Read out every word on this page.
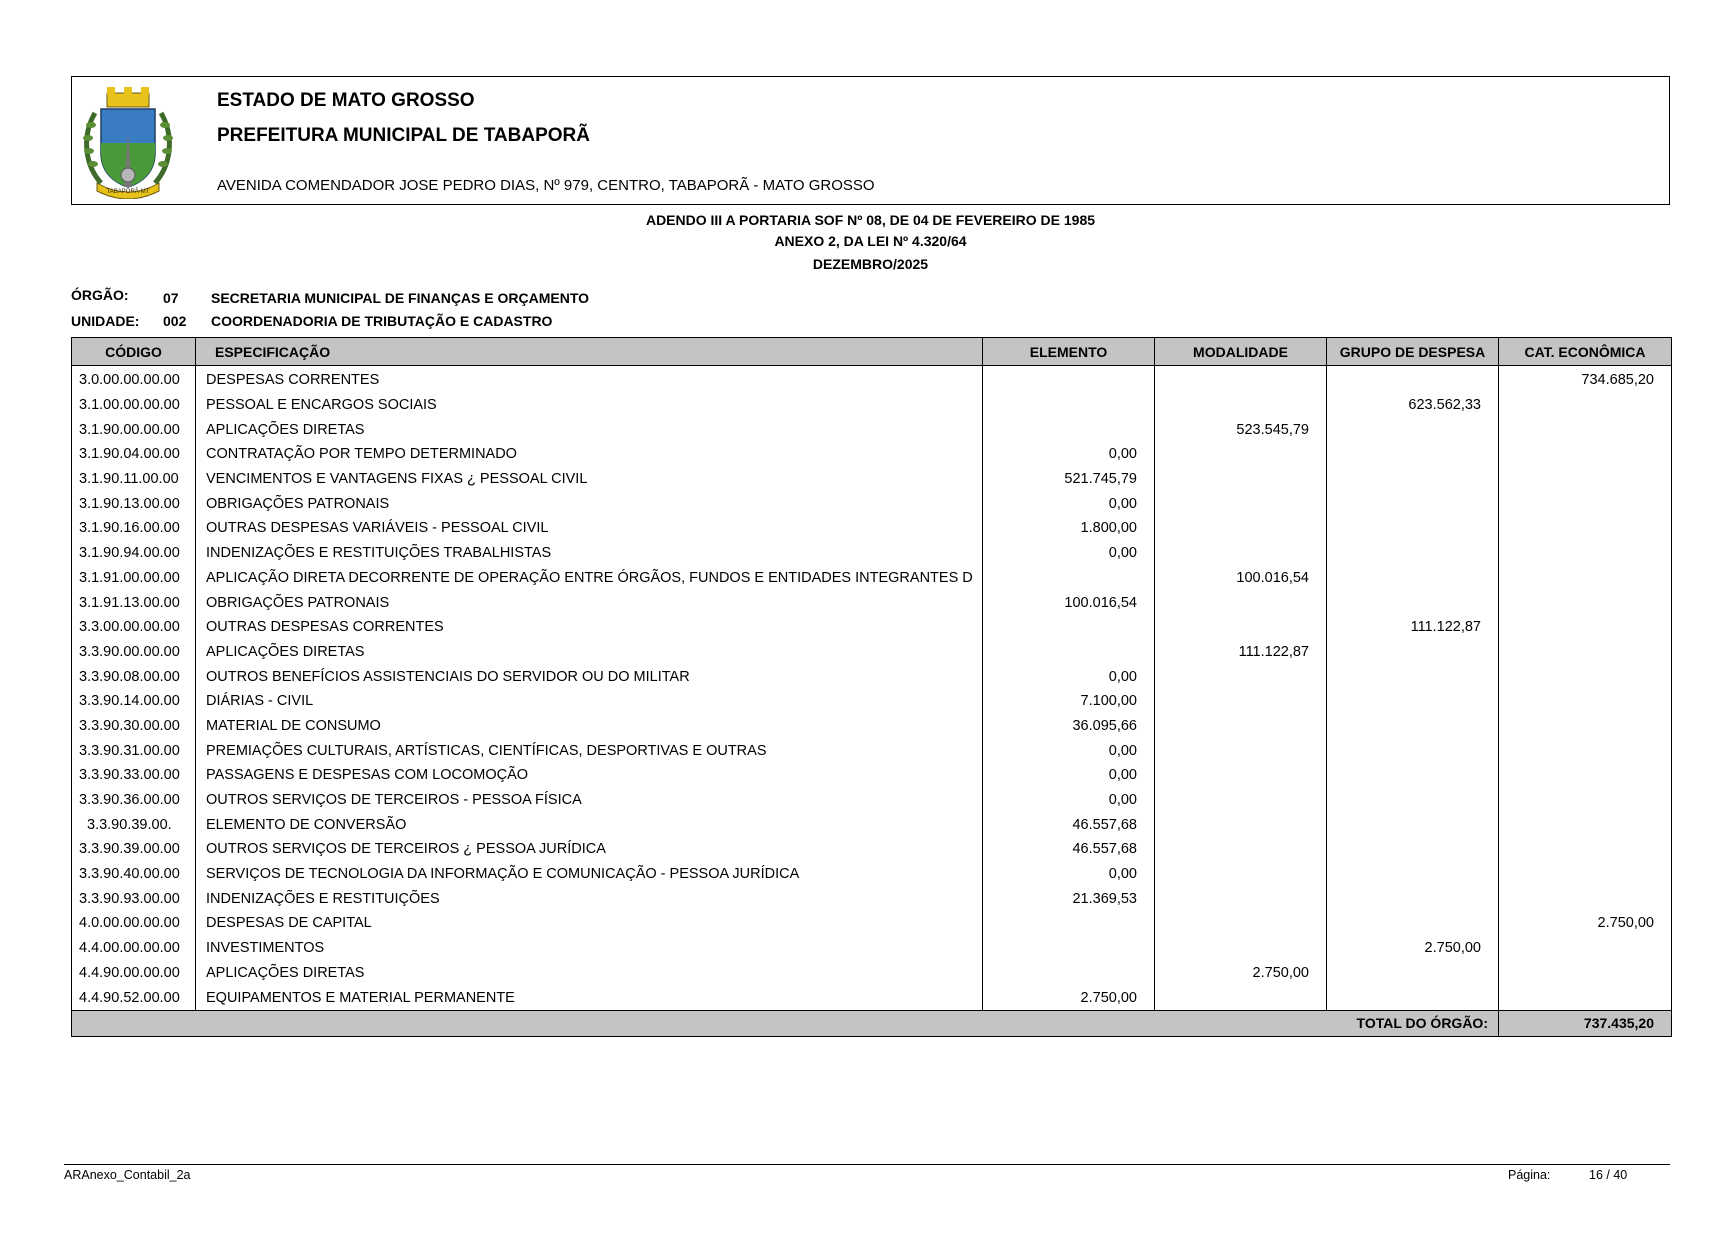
TABAPORÃ-MT
ESTADO DE MATO GROSSO
PREFEITURA MUNICIPAL DE TABAPORÃ
AVENIDA COMENDADOR JOSE PEDRO DIAS, Nº 979, CENTRO, TABAPORÃ - MATO GROSSO
ADENDO III A PORTARIA SOF Nº 08, DE 04 DE FEVEREIRO DE 1985
ANEXO 2, DA LEI Nº 4.320/64
DEZEMBRO/2025
ÓRGÃO: 07 SECRETARIA MUNICIPAL DE FINANÇAS E ORÇAMENTO
UNIDADE: 002 COORDENADORIA DE TRIBUTAÇÃO E CADASTRO
CÓDIGO	ESPECIFICAÇÃO	ELEMENTO	MODALIDADE	GRUPO DE DESPESA	CAT. ECONÔMICA
3.0.00.00.00.00	DESPESAS CORRENTES				734.685,20
3.1.00.00.00.00	PESSOAL E ENCARGOS SOCIAIS			623.562,33	
3.1.90.00.00.00	APLICAÇÕES DIRETAS		523.545,79		
3.1.90.04.00.00	CONTRATAÇÃO POR TEMPO DETERMINADO	0,00			
3.1.90.11.00.00	VENCIMENTOS E VANTAGENS FIXAS ¿ PESSOAL CIVIL	521.745,79			
3.1.90.13.00.00	OBRIGAÇÕES PATRONAIS	0,00			
3.1.90.16.00.00	OUTRAS DESPESAS VARIÁVEIS - PESSOAL CIVIL	1.800,00			
3.1.90.94.00.00	INDENIZAÇÕES E RESTITUIÇÕES TRABALHISTAS	0,00			
3.1.91.00.00.00	APLICAÇÃO DIRETA DECORRENTE DE OPERAÇÃO ENTRE ÓRGÃOS, FUNDOS E ENTIDADES INTEGRANTES D		100.016,54		
3.1.91.13.00.00	OBRIGAÇÕES PATRONAIS	100.016,54			
3.3.00.00.00.00	OUTRAS DESPESAS CORRENTES			111.122,87	
3.3.90.00.00.00	APLICAÇÕES DIRETAS		111.122,87		
3.3.90.08.00.00	OUTROS BENEFÍCIOS ASSISTENCIAIS DO SERVIDOR OU DO MILITAR	0,00			
3.3.90.14.00.00	DIÁRIAS - CIVIL	7.100,00			
3.3.90.30.00.00	MATERIAL DE CONSUMO	36.095,66			
3.3.90.31.00.00	PREMIAÇÕES CULTURAIS, ARTÍSTICAS, CIENTÍFICAS, DESPORTIVAS E OUTRAS	0,00			
3.3.90.33.00.00	PASSAGENS E DESPESAS COM LOCOMOÇÃO	0,00			
3.3.90.36.00.00	OUTROS SERVIÇOS DE TERCEIROS - PESSOA FÍSICA	0,00			
3.3.90.39.00.	ELEMENTO DE CONVERSÃO	46.557,68			
3.3.90.39.00.00	OUTROS SERVIÇOS DE TERCEIROS ¿ PESSOA JURÍDICA	46.557,68			
3.3.90.40.00.00	SERVIÇOS DE TECNOLOGIA DA INFORMAÇÃO E COMUNICAÇÃO - PESSOA JURÍDICA	0,00			
3.3.90.93.00.00	INDENIZAÇÕES E RESTITUIÇÕES	21.369,53			
4.0.00.00.00.00	DESPESAS DE CAPITAL				2.750,00
4.4.00.00.00.00	INVESTIMENTOS			2.750,00	
4.4.90.00.00.00	APLICAÇÕES DIRETAS		2.750,00		
4.4.90.52.00.00	EQUIPAMENTOS E MATERIAL PERMANENTE	2.750,00			
TOTAL DO ÓRGÃO:					737.435,20
ARAnexo_Contabil_2a	Página:	16 / 40
